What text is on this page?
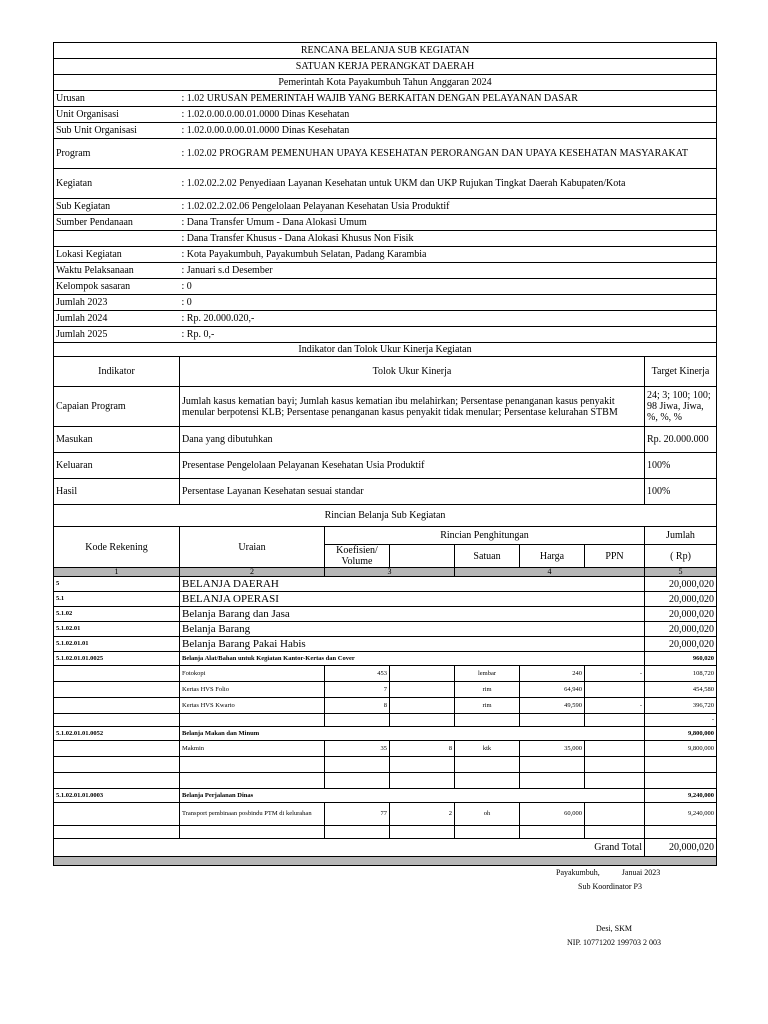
RENCANA BELANJA SUB KEGIATAN							
SATUAN KERJA PERANGKAT DAERAH							
Pemerintah Kota Payakumbuh Tahun Anggaran 2024							
Urusan	: 1.02 URUSAN PEMERINTAH WAJIB YANG BERKAITAN DENGAN PELAYANAN DASAR						
Unit Organisasi	: 1.02.0.00.0.00.01.0000 Dinas Kesehatan						
Sub Unit Organisasi	: 1.02.0.00.0.00.01.0000 Dinas Kesehatan						
Program	: 1.02.02 PROGRAM PEMENUHAN UPAYA KESEHATAN PERORANGAN DAN UPAYA KESEHATAN MASYARAKAT						
Kegiatan	: 1.02.02.2.02 Penyediaan Layanan Kesehatan untuk UKM dan UKP Rujukan Tingkat Daerah Kabupaten/Kota						
Sub Kegiatan	: 1.02.02.2.02.06 Pengelolaan Pelayanan Kesehatan Usia Produktif						
Sumber Pendanaan	: Dana Transfer Umum - Dana Alokasi Umum						
	: Dana Transfer Khusus - Dana Alokasi Khusus Non Fisik						
Lokasi Kegiatan	: Kota Payakumbuh, Payakumbuh Selatan, Padang Karambia						
Waktu Pelaksanaan	: Januari s.d Desember						
Kelompok sasaran	: 0						
Jumlah 2023	: 0						
Jumlah 2024	: Rp. 20.000.020,-						
Jumlah 2025	: Rp. 0,-						
Indikator dan Tolok Ukur Kinerja Kegiatan							
Indikator	Tolok Ukur Kinerja						Target Kinerja
Capaian Program	Jumlah kasus kematian bayi; Jumlah kasus kematian ibu melahirkan; Persentase penanganan kasus penyakit menular berpotensi KLB; Persentase penanganan kasus penyakit tidak menular; Persentase kelurahan STBM						24; 3; 100; 100; 98 Jiwa, Jiwa, %, %, %
Masukan	Dana yang dibutuhkan						Rp. 20.000.000
Keluaran	Presentase Pengelolaan Pelayanan Kesehatan Usia Produktif						100%
Hasil	Persentase Layanan Kesehatan sesuai standar						100%
Rincian Belanja Sub Kegiatan							
Kode Rekening	Uraian	Rincian Penghitungan					Jumlah
		Koefisien/ Volume		Satuan	Harga	PPN	( Rp)
1	2	3		4			5
5	BELANJA DAERAH						20,000,020
5.1	BELANJA OPERASI						20,000,020
5.1.02	Belanja Barang dan Jasa						20,000,020
5.1.02.01	Belanja Barang						20,000,020
5.1.02.01.01	Belanja Barang Pakai Habis						20,000,020
5.1.02.01.01.0025	Belanja Alat/Bahan untuk Kegiatan Kantor-Kertas dan Cover						960,020
	Fotokopi	453		lembar	240	-	108,720
	Kertas HVS Folio	7		rim	64,940		454,580
	Kertas HVS Kwarto	8		rim	49,590	-	396,720
							-
5.1.02.01.01.0052	Belanja Makan dan Minum						9,800,000
	Makmin	35	8	ktk	35,000		9,800,000

5.1.02.01.01.0003	Belanja Perjalanan Dinas						9,240,000
	Transport pembinaan posbindu PTM di kelurahan	77	2	oh	60,000		9,240,000

Grand Total							20,000,020

Payakumbuh,	Januai 2023
Sub Koordinator P3
Desi, SKM
NIP. 10771202 199703 2 003
